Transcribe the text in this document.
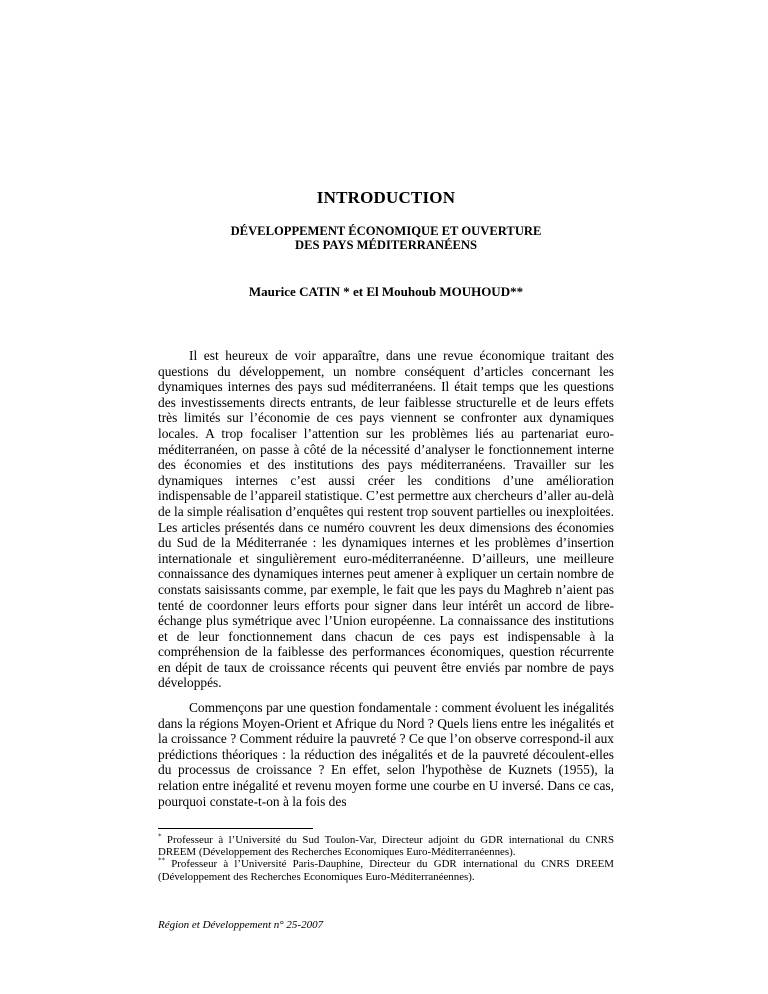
INTRODUCTION
DÉVELOPPEMENT ÉCONOMIQUE ET OUVERTURE
DES PAYS MÉDITERRANÉENS

Maurice CATIN * et El Mouhoub MOUHOUD**

Il est heureux de voir apparaître, dans une revue économique traitant des questions du développement, un nombre conséquent d’articles concernant les dynamiques internes des pays sud méditerranéens. Il était temps que les questions des investissements directs entrants, de leur faiblesse structurelle et de leurs effets très limités sur l’économie de ces pays viennent se confronter aux dynamiques locales. A trop focaliser l’attention sur les problèmes liés au partenariat euro-méditerranéen, on passe à côté de la nécessité d’analyser le fonctionnement interne des économies et des institutions des pays méditerranéens. Travailler sur les dynamiques internes c’est aussi créer les conditions d’une amélioration indispensable de l’appareil statistique. C’est permettre aux chercheurs d’aller au-delà de la simple réalisation d’enquêtes qui restent trop souvent partielles ou inexploitées. Les articles présentés dans ce numéro couvrent les deux dimensions des économies du Sud de la Méditerranée : les dynamiques internes et les problèmes d’insertion internationale et singulièrement euro-méditerranéenne. D’ailleurs, une meilleure connaissance des dynamiques internes peut amener à expliquer un certain nombre de constats saisissants comme, par exemple, le fait que les pays du Maghreb n’aient pas tenté de coordonner leurs efforts pour signer dans leur intérêt un accord de libre-échange plus symétrique avec l’Union européenne. La connaissance des institutions et de leur fonctionnement dans chacun de ces pays est indispensable à la compréhension de la faiblesse des performances économiques, question récurrente en dépit de taux de croissance récents qui peuvent être enviés par nombre de pays développés.

Commençons par une question fondamentale : comment évoluent les inégalités dans la régions Moyen-Orient et Afrique du Nord ? Quels liens entre les inégalités et la croissance ? Comment réduire la pauvreté ? Ce que l’on observe correspond-il aux prédictions théoriques : la réduction des inégalités et de la pauvreté découlent-elles du processus de croissance ? En effet, selon l'hypothèse de Kuznets (1955), la relation entre inégalité et revenu moyen forme une courbe en U inversé. Dans ce cas, pourquoi constate-t-on à la fois des

* Professeur à l’Université du Sud Toulon-Var, Directeur adjoint du GDR international du CNRS DREEM (Développement des Recherches Economiques Euro-Méditerranéennes).

** Professeur à l’Université Paris-Dauphine, Directeur du GDR international du CNRS DREEM (Développement des Recherches Economiques Euro-Méditerranéennes).

Région et Développement n° 25-2007
